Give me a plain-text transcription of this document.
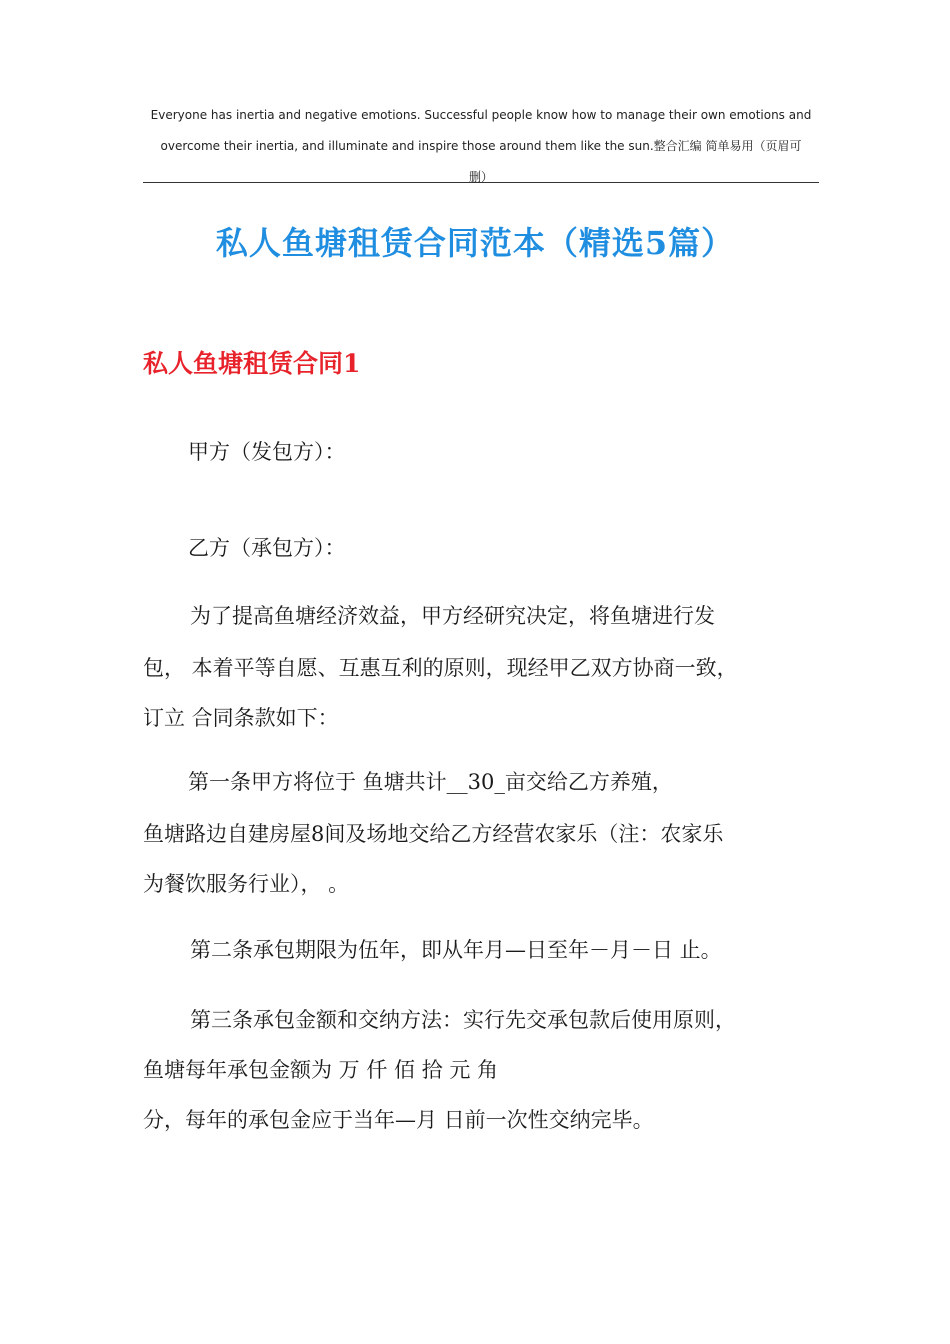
Everyone has inertia and negative emotions. Successful people know how to manage their own emotions and

overcome their inertia, and illuminate and inspire those around them like the sun.整合汇编 简单易用（页眉可

删）

私人鱼塘租赁合同范本（精选5篇）
私人鱼塘租赁合同1

甲方（发包方）：

乙方（承包方）：

为了提高鱼塘经济效益，甲方经研究决定，将鱼塘进行发

包， 本着平等自愿、互惠互利的原则，现经甲乙双方协商一致，

订立 合同条款如下：

第一条甲方将位于 鱼塘共计__30_亩交给乙方养殖，

鱼塘路边自建房屋8间及场地交给乙方经营农家乐（注：农家乐

为餐饮服务行业）， 。

第二条承包期限为伍年，即从年月—日至年－月－日 止。

第三条承包金额和交纳方法：实行先交承包款后使用原则，

鱼塘每年承包金额为 万 仟 佰 拾 元 角

分，每年的承包金应于当年—月 日前一次性交纳完毕。
